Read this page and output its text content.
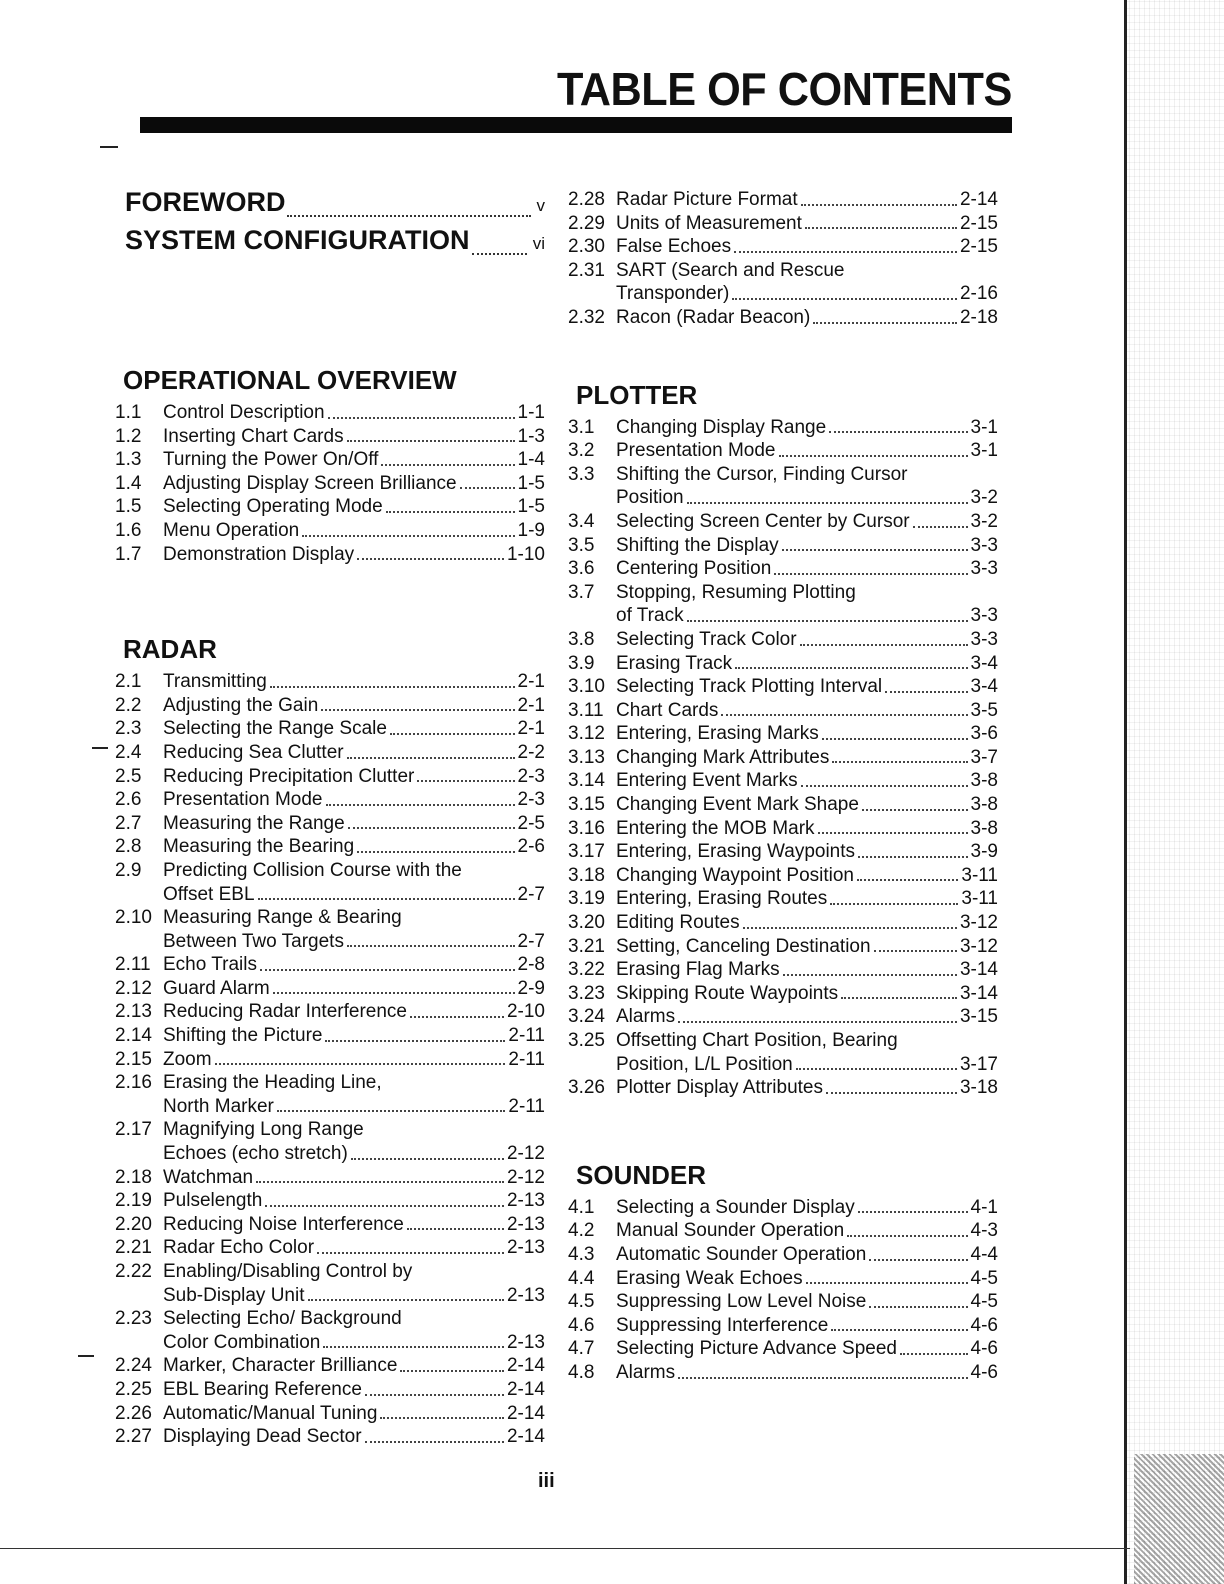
TABLE OF CONTENTS
FOREWORD	v
SYSTEM CONFIGURATION	vi
OPERATIONAL OVERVIEW
1.1	Control Description	1-1
1.2	Inserting Chart Cards	1-3
1.3	Turning the Power On/Off	1-4
1.4	Adjusting Display Screen Brilliance	1-5
1.5	Selecting Operating Mode	1-5
1.6	Menu Operation	1-9
1.7	Demonstration Display	1-10
RADAR
2.1	Transmitting	2-1
2.2	Adjusting the Gain	2-1
2.3	Selecting the Range Scale	2-1
2.4	Reducing Sea Clutter	2-2
2.5	Reducing Precipitation Clutter	2-3
2.6	Presentation Mode	2-3
2.7	Measuring the Range	2-5
2.8	Measuring the Bearing	2-6
2.9	Predicting Collision Course with the
Offset EBL	2-7
2.10 Measuring Range & Bearing
Between Two Targets	2-7
2.11 Echo Trails	2-8
2.12 Guard Alarm	2-9
2.13 Reducing Radar Interference	2-10
2.14 Shifting the Picture	2-11
2.15 Zoom	2-11
2.16 Erasing the Heading Line,
North Marker	2-11
2.17 Magnifying Long Range
Echoes (echo stretch)	2-12
2.18 Watchman	2-12
2.19 Pulselength	2-13
2.20 Reducing Noise Interference	2-13
2.21 Radar Echo Color	2-13
2.22 Enabling/Disabling Control by
Sub-Display Unit	2-13
2.23 Selecting Echo/ Background
Color Combination	2-13
2.24 Marker, Character Brilliance	2-14
2.25 EBL Bearing Reference	2-14
2.26 Automatic/Manual Tuning	2-14
2.27 Displaying Dead Sector	2-14
2.28 Radar Picture Format	2-14
2.29 Units of Measurement	2-15
2.30 False Echoes	2-15
2.31 SART (Search and Rescue
Transponder)	2-16
2.32 Racon (Radar Beacon)	2-18
PLOTTER
3.1	Changing Display Range	3-1
3.2	Presentation Mode	3-1
3.3	Shifting the Cursor, Finding Cursor
Position	3-2
3.4	Selecting Screen Center by Cursor	3-2
3.5	Shifting the Display	3-3
3.6	Centering Position	3-3
3.7	Stopping, Resuming Plotting
of Track	3-3
3.8	Selecting Track Color	3-3
3.9	Erasing Track	3-4
3.10 Selecting Track Plotting Interval	3-4
3.11 Chart Cards	3-5
3.12 Entering, Erasing Marks	3-6
3.13 Changing Mark Attributes	3-7
3.14 Entering Event Marks	3-8
3.15 Changing Event Mark Shape	3-8
3.16 Entering the MOB Mark	3-8
3.17 Entering, Erasing Waypoints	3-9
3.18 Changing Waypoint Position	3-11
3.19 Entering, Erasing Routes	3-11
3.20 Editing Routes	3-12
3.21 Setting, Canceling Destination	3-12
3.22 Erasing Flag Marks	3-14
3.23 Skipping Route Waypoints	3-14
3.24 Alarms	3-15
3.25 Offsetting Chart Position, Bearing
Position, L/L Position	3-17
3.26 Plotter Display Attributes	3-18
SOUNDER
4.1	Selecting a Sounder Display	4-1
4.2	Manual Sounder Operation	4-3
4.3	Automatic Sounder Operation	4-4
4.4	Erasing Weak Echoes	4-5
4.5	Suppressing Low Level Noise	4-5
4.6	Suppressing Interference	4-6
4.7	Selecting Picture Advance Speed	4-6
4.8	Alarms	4-6
iii
